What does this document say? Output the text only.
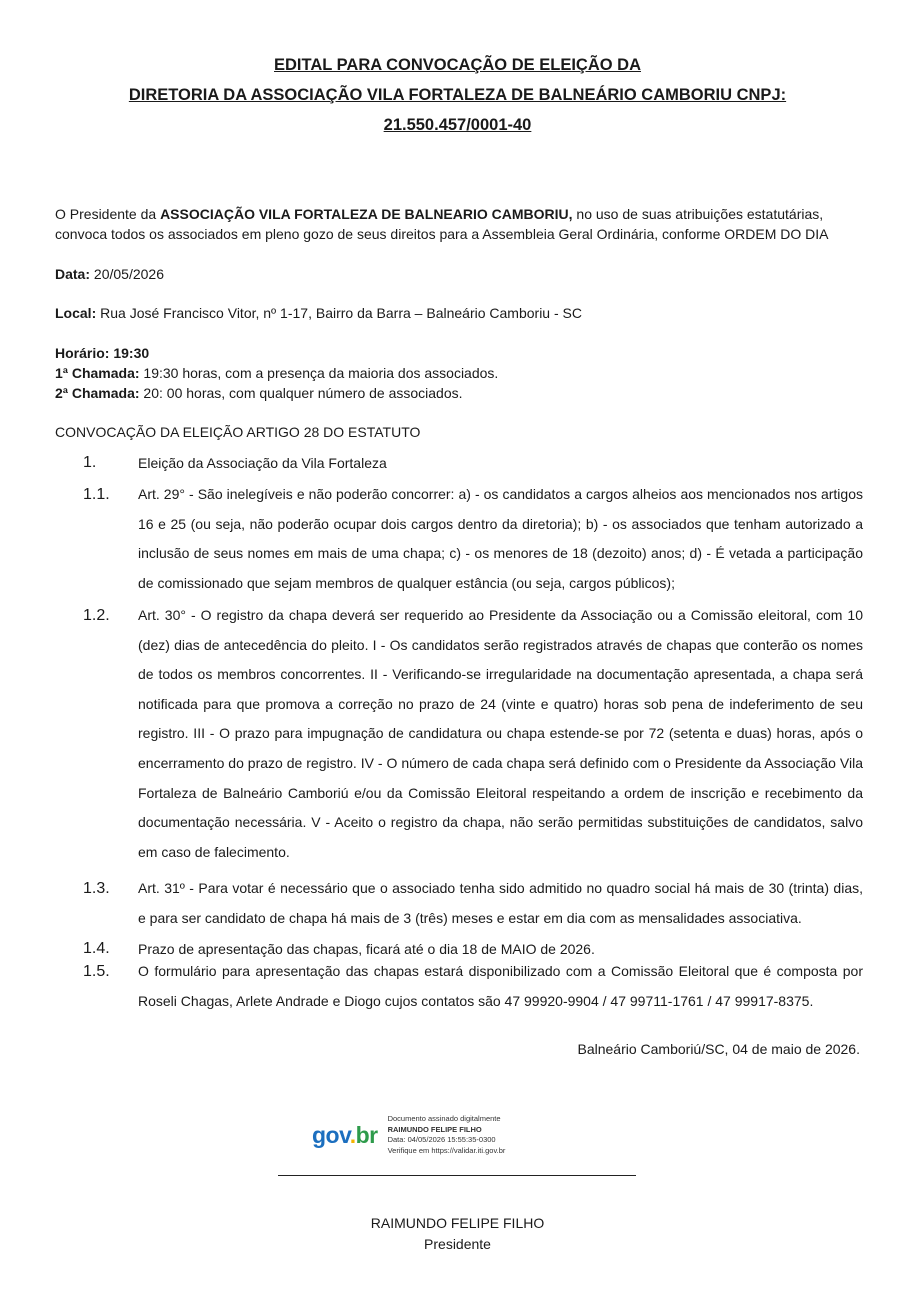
EDITAL PARA CONVOCAÇÃO DE ELEIÇÃO DA
DIRETORIA DA ASSOCIAÇÃO VILA FORTALEZA DE BALNEÁRIO CAMBORIU CNPJ:
21.550.457/0001-40
O Presidente da ASSOCIAÇÃO VILA FORTALEZA DE BALNEARIO CAMBORIU, no uso de suas atribuições estatutárias, convoca todos os associados em pleno gozo de seus direitos para a Assembleia Geral Ordinária, conforme ORDEM DO DIA
Data: 20/05/2026
Local: Rua José Francisco Vitor, nº 1-17, Bairro da Barra – Balneário Camboriu - SC
Horário: 19:30
1ª Chamada: 19:30 horas, com a presença da maioria dos associados.
2ª Chamada: 20: 00 horas, com qualquer número de associados.
CONVOCAÇÃO DA ELEIÇÃO ARTIGO 28 DO ESTATUTO
1.	Eleição da Associação da Vila Fortaleza
1.1.	Art. 29° - São inelegíveis e não poderão concorrer: a) - os candidatos a cargos alheios aos mencionados nos artigos 16 e 25 (ou seja, não poderão ocupar dois cargos dentro da diretoria); b) - os associados que tenham autorizado a inclusão de seus nomes em mais de uma chapa; c) - os menores de 18 (dezoito) anos; d) - É vetada a participação de comissionado que sejam membros de qualquer estância (ou seja, cargos públicos);
1.2.	Art. 30° - O registro da chapa deverá ser requerido ao Presidente da Associação ou a Comissão eleitoral, com 10 (dez) dias de antecedência do pleito. I - Os candidatos serão registrados através de chapas que conterão os nomes de todos os membros concorrentes. II - Verificando-se irregularidade na documentação apresentada, a chapa será notificada para que promova a correção no prazo de 24 (vinte e quatro) horas sob pena de indeferimento de seu registro. III - O prazo para impugnação de candidatura ou chapa estende-se por 72 (setenta e duas) horas, após o encerramento do prazo de registro. IV - O número de cada chapa será definido com o Presidente da Associação Vila Fortaleza de Balneário Camboriú e/ou da Comissão Eleitoral respeitando a ordem de inscrição e recebimento da documentação necessária. V - Aceito o registro da chapa, não serão permitidas substituições de candidatos, salvo em caso de falecimento.
1.3.	Art. 31º - Para votar é necessário que o associado tenha sido admitido no quadro social há mais de 30 (trinta) dias, e para ser candidato de chapa há mais de 3 (três) meses e estar em dia com as mensalidades associativa.
1.4.	Prazo de apresentação das chapas, ficará até o dia 18 de MAIO de 2026.
1.5.	O formulário para apresentação das chapas estará disponibilizado com a Comissão Eleitoral que é composta por Roseli Chagas, Arlete Andrade e Diogo cujos contatos são 47 99920-9904 / 47 99711-1761 / 47 99917-8375.
Balneário Camboriú/SC, 04 de maio de 2026.
gov.br
Documento assinado digitalmente
RAIMUNDO FELIPE FILHO
Data: 04/05/2026 15:55:35-0300
Verifique em https://validar.iti.gov.br
RAIMUNDO FELIPE FILHO
Presidente
